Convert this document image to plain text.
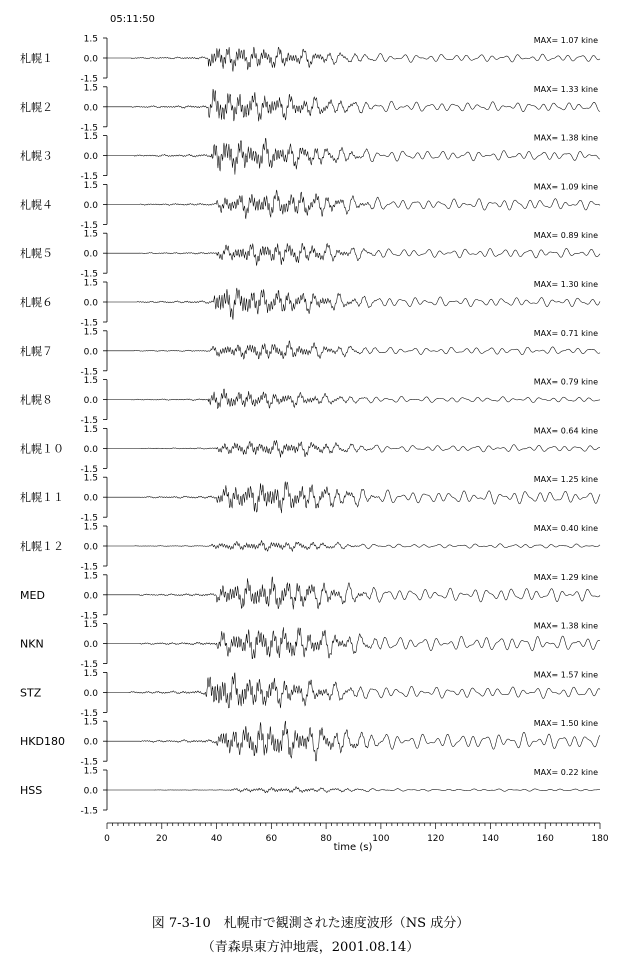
05:11:50
1.5
0.0
-1.5
札幌１
MAX= 1.07 kine
1.5
0.0
-1.5
札幌２
MAX= 1.33 kine
1.5
0.0
-1.5
札幌３
MAX= 1.38 kine
1.5
0.0
-1.5
札幌４
MAX= 1.09 kine
1.5
0.0
-1.5
札幌５
MAX= 0.89 kine
1.5
0.0
-1.5
札幌６
MAX= 1.30 kine
1.5
0.0
-1.5
札幌７
MAX= 0.71 kine
1.5
0.0
-1.5
札幌８
MAX= 0.79 kine
1.5
0.0
-1.5
札幌１０
MAX= 0.64 kine
1.5
0.0
-1.5
札幌１１
MAX= 1.25 kine
1.5
0.0
-1.5
札幌１２
MAX= 0.40 kine
1.5
0.0
-1.5
MED
MAX= 1.29 kine
1.5
0.0
-1.5
NKN
MAX= 1.38 kine
1.5
0.0
-1.5
STZ
MAX= 1.57 kine
1.5
0.0
-1.5
HKD180
MAX= 1.50 kine
1.5
0.0
-1.5
HSS
MAX= 0.22 kine
0	20	40	60	80	100	120	140	160	180
time (s)
図 7-3-10　札幌市で観測された速度波形（NS 成分）
（青森県東方沖地震，2001.08.14）
